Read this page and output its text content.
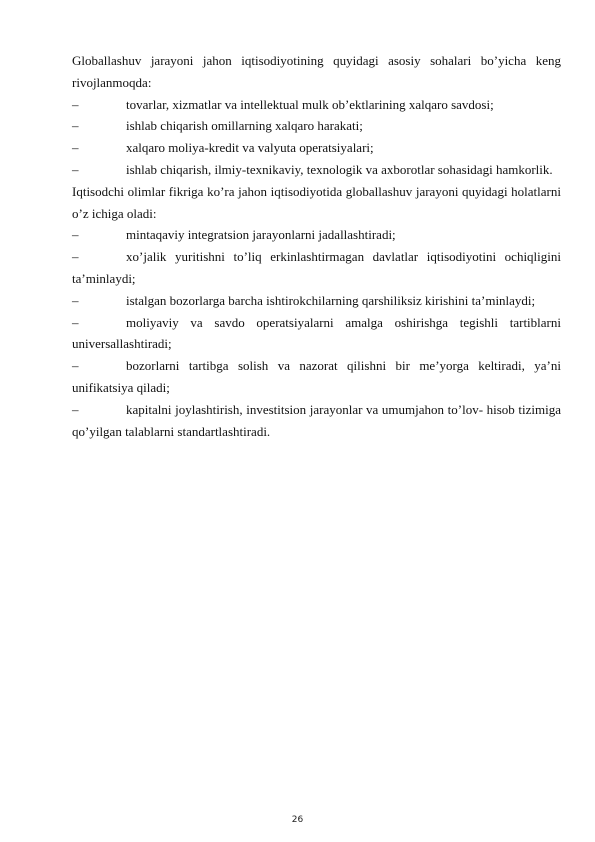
Globallashuv jarayoni jahon iqtisodiyotining quyidagi asosiy sohalari bo’yicha keng rivojlanmoqda:

–	tovarlar, xizmatlar va intellektual mulk ob’ektlarining xalqaro savdosi;

–	ishlab chiqarish omillarning xalqaro harakati;

–	xalqaro moliya-kredit va valyuta operatsiyalari;

–	ishlab chiqarish, ilmiy-texnikaviy, texnologik va axborotlar sohasidagi hamkorlik.

Iqtisodchi olimlar fikriga ko’ra jahon iqtisodiyotida globallashuv jarayoni quyidagi holatlarni o’z ichiga oladi:

–	mintaqaviy integratsion jarayonlarni jadallashtiradi;

–	xo’jalik yuritishni to’liq erkinlashtirmagan davlatlar iqtisodiyotini ochiqligini ta’minlaydi;

–	istalgan bozorlarga barcha ishtirokchilarning qarshiliksiz kirishini ta’minlaydi;

–	moliyaviy va savdo operatsiyalarni amalga oshirishga tegishli tartiblarni universallashtiradi;

–	bozorlarni tartibga solish va nazorat qilishni bir me’yorga keltiradi, ya’ni unifikatsiya qiladi;

–	kapitalni joylashtirish, investitsion jarayonlar va umumjahon to’lov- hisob tizimiga qo’yilgan talablarni standartlashtiradi.

26
